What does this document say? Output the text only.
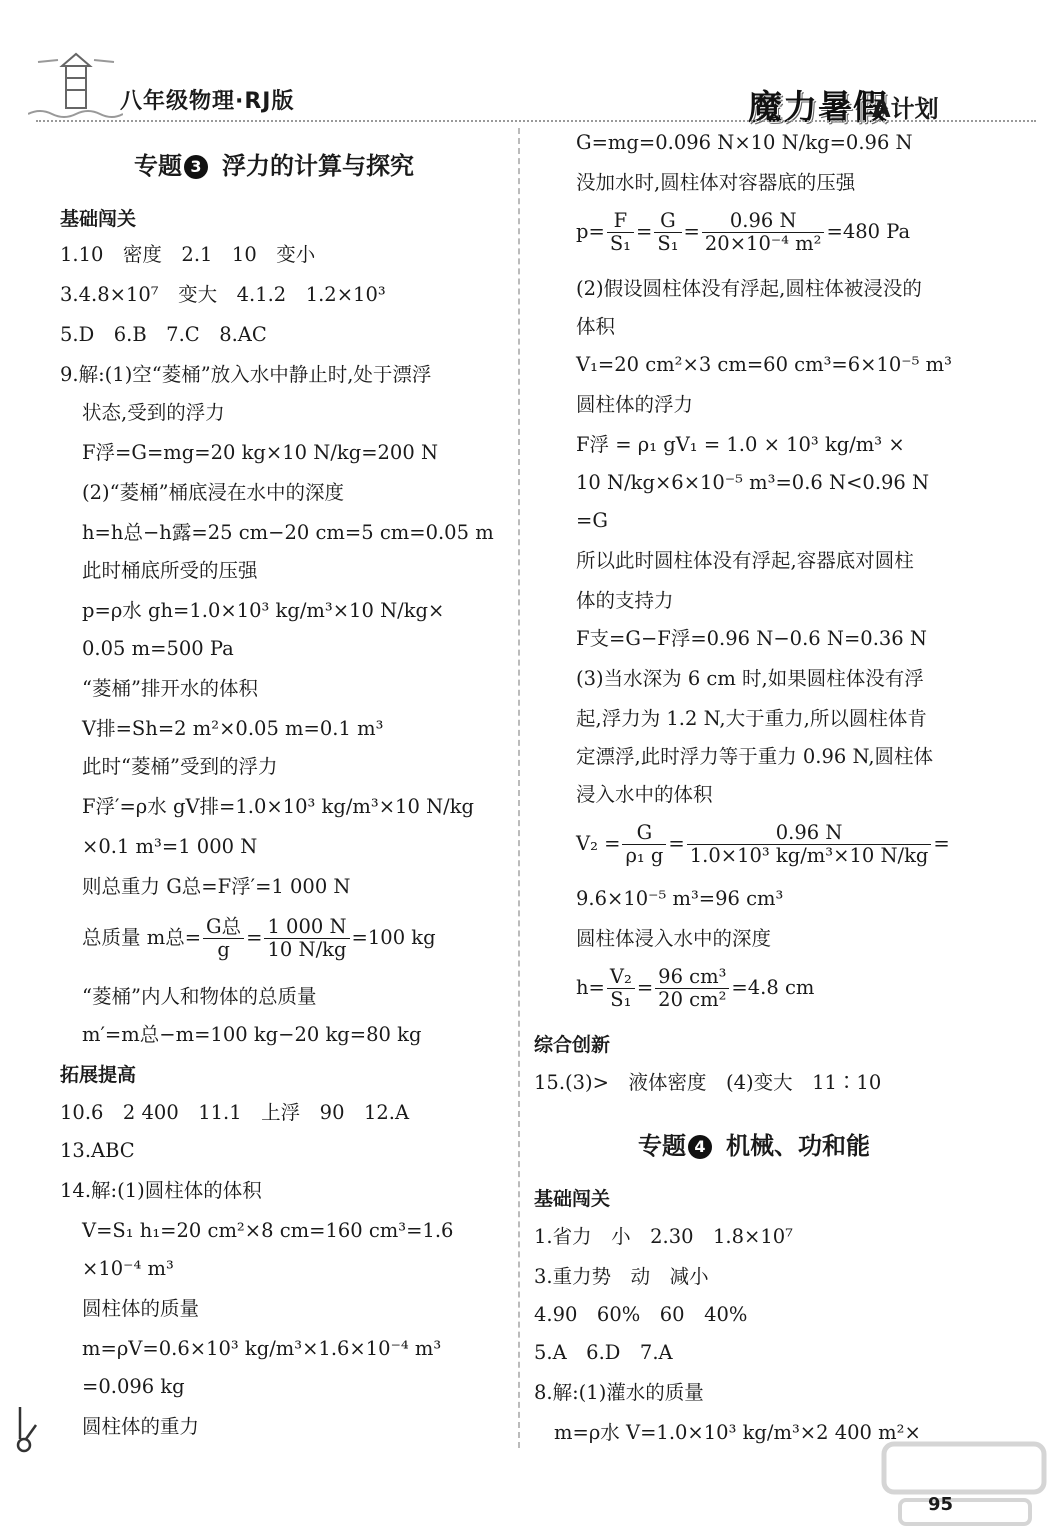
八年级物理·RJ版	魔力暑假
A计划
专题 3 浮力的计算与探究
基础闯关
1.10　密度　2.1　10　变小
3.4.8×10⁷　变大　4.1.2　1.2×10³
5.D　6.B　7.C　8.AC
9.解:(1)空“菱桶”放入水中静止时,处于漂浮
状态,受到的浮力
F浮=G=mg=20 kg×10 N/kg=200 N
(2)“菱桶”桶底浸在水中的深度
h=h总−h露=25 cm−20 cm=5 cm=0.05 m
此时桶底所受的压强
p=ρ水 gh=1.0×10³ kg/m³×10 N/kg×
0.05 m=500 Pa
“菱桶”排开水的体积
V排=Sh=2 m²×0.05 m=0.1 m³
此时“菱桶”受到的浮力
F浮′=ρ水 gV排=1.0×10³ kg/m³×10 N/kg
×0.1 m³=1 000 N
则总重力 G总=F浮′=1 000 N
总质量 m总= $\frac{\text{G总}}{g} = \frac{1 000 N}{10 N/kg} =100$ kg
“菱桶”内人和物体的总质量
m′=m总−m=100 kg−20 kg=80 kg
拓展提高
10.6　2 400　11.1　上浮　90　12.A
13.ABC
14.解:(1)圆柱体的体积
V=S₁ h₁=20 cm²×8 cm=160 cm³=1.6
×10⁻⁴ m³
圆柱体的质量
m=ρV=0.6×10³ kg/m³×1.6×10⁻⁴ m³
=0.096 kg
圆柱体的重力
G=mg=0.096 N×10 N/kg=0.96 N
没加水时,圆柱体对容器底的压强
$p= \frac{F}{\text{S₁}} = \frac{G}{\text{S₁}} = \frac{0.96 N}{\text{20×10⁻⁴ m²}} =480$ Pa
(2)假设圆柱体没有浮起,圆柱体被浸没的
体积
V₁=20 cm²×3 cm=60 cm³=6×10⁻⁵ m³
圆柱体的浮力
F浮 = ρ₁ gV₁ = 1.0 × 10³ kg/m³ ×
10 N/kg×6×10⁻⁵ m³=0.6 N<0.96 N
=G
所以此时圆柱体没有浮起,容器底对圆柱
体的支持力
F支=G−F浮=0.96 N−0.6 N=0.36 N
(3)当水深为 6 cm 时,如果圆柱体没有浮
起,浮力为 1.2 N,大于重力,所以圆柱体肯
定漂浮,此时浮力等于重力 0.96 N,圆柱体
浸入水中的体积
$V_2 = \frac{G}{\text{ρ₁ g}} = \frac{0.96 N}{\text{1.0×10³ kg/m³×10 N/kg}}$ =
9.6×10⁻⁵ m³=96 cm³
圆柱体浸入水中的深度
$h= \frac{\text{V₂}}{\text{S₁}} = \frac{\text{96 cm³}}{\text{20 cm²}} =4.8$ cm
综合创新
15.(3)>　液体密度　(4)变大　11∶10
专题 4 机械、功和能
基础闯关
1.省力　小　2.30　1.8×10⁷
3.重力势　动　减小
4.90　60%　60　40%
5.A　6.D　7.A
8.解:(1)灌水的质量
m=ρ水 V=1.0×10³ kg/m³×2 400 m²×
95
